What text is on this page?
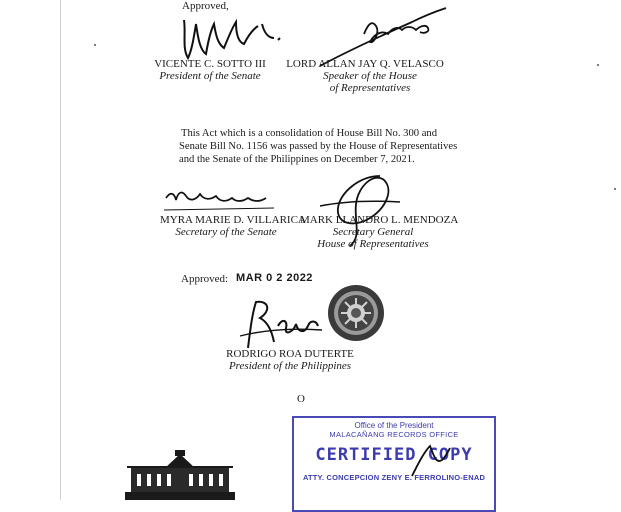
Approved,
VICENTE C. SOTTO III
President of the Senate
LORD ALLAN JAY Q. VELASCO
Speaker of the House
of Representatives
This Act which is a consolidation of House Bill No. 300 and
Senate Bill No. 1156 was passed by the House of Representatives
and the Senate of the Philippines on December 7, 2021.
MYRA MARIE D. VILLARICA
Secretary of the Senate
MARK LLANDRO L. MENDOZA
Secretary General
House of Representatives
Approved: MAR 0 2 2022
RODRIGO ROA DUTERTE
President of the Philippines
O
Office of the President
MALACAÑANG RECORDS OFFICE
CERTIFIED COPY
ATTY. CONCEPCION ZENY E. FERROLINO-ENAD
